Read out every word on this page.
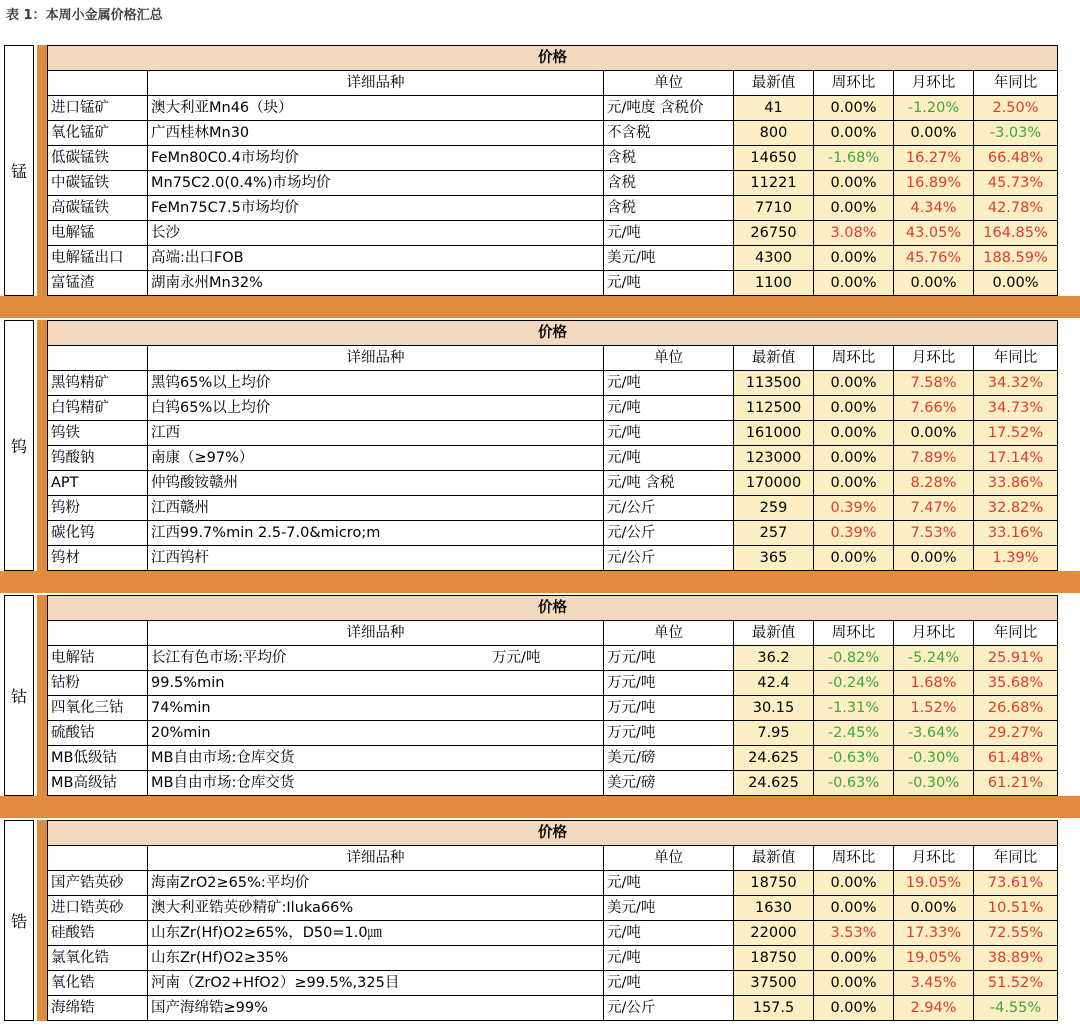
表 1：本周小金属价格汇总
锰
价格						
	详细品种	单位	最新值	周环比	月环比	年同比
进口锰矿	澳大利亚Mn46（块）	元/吨度 含税价	41	0.00%	-1.20%	2.50%
氧化锰矿	广西桂林Mn30	不含税	800	0.00%	0.00%	-3.03%
低碳锰铁	FeMn80C0.4市场均价	含税	14650	-1.68%	16.27%	66.48%
中碳锰铁	Mn75C2.0(0.4%)市场均价	含税	11221	0.00%	16.89%	45.73%
高碳锰铁	FeMn75C7.5市场均价	含税	7710	0.00%	4.34%	42.78%
电解锰	长沙	元/吨	26750	3.08%	43.05%	164.85%
电解锰出口	高端:出口FOB	美元/吨	4300	0.00%	45.76%	188.59%
富锰渣	湖南永州Mn32%	元/吨	1100	0.00%	0.00%	0.00%
钨
价格						
	详细品种	单位	最新值	周环比	月环比	年同比
黑钨精矿	黑钨65%以上均价	元/吨	113500	0.00%	7.58%	34.32%
白钨精矿	白钨65%以上均价	元/吨	112500	0.00%	7.66%	34.73%
钨铁	江西	元/吨	161000	0.00%	0.00%	17.52%
钨酸钠	南康（≥97%）	元/吨	123000	0.00%	7.89%	17.14%
APT	仲钨酸铵赣州	元/吨 含税	170000	0.00%	8.28%	33.86%
钨粉	江西赣州	元/公斤	259	0.39%	7.47%	32.82%
碳化钨	江西99.7%min 2.5-7.0&micro;m	元/公斤	257	0.39%	7.53%	33.16%
钨材	江西钨杆	元/公斤	365	0.00%	0.00%	1.39%
钴
价格						
	详细品种	单位	最新值	周环比	月环比	年同比
电解钴	长江有色市场:平均价 万元/吨	万元/吨	36.2	-0.82%	-5.24%	25.91%
钴粉	99.5%min	万元/吨	42.4	-0.24%	1.68%	35.68%
四氧化三钴	74%min	万元/吨	30.15	-1.31%	1.52%	26.68%
硫酸钴	20%min	万元/吨	7.95	-2.45%	-3.64%	29.27%
MB低级钴	MB自由市场:仓库交货	美元/磅	24.625	-0.63%	-0.30%	61.48%
MB高级钴	MB自由市场:仓库交货	美元/磅	24.625	-0.63%	-0.30%	61.21%
锆
价格						
	详细品种	单位	最新值	周环比	月环比	年同比
国产锆英砂	海南ZrO2≥65%:平均价	元/吨	18750	0.00%	19.05%	73.61%
进口锆英砂	澳大利亚锆英砂精矿:Iluka66%	美元/吨	1630	0.00%	0.00%	10.51%
硅酸锆	山东Zr(Hf)O2≥65%，D50=1.0㎛	元/吨	22000	3.53%	17.33%	72.55%
氯氧化锆	山东Zr(Hf)O2≥35%	元/吨	18750	0.00%	19.05%	38.89%
氧化锆	河南（ZrO2+HfO2）≥99.5%,325目	元/吨	37500	0.00%	3.45%	51.52%
海绵锆	国产海绵锆≥99%	元/公斤	157.5	0.00%	2.94%	-4.55%
